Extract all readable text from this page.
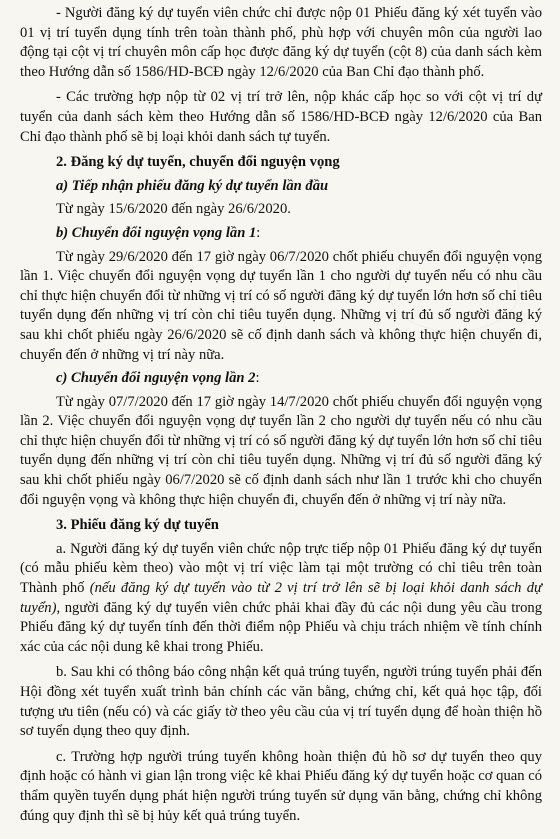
- Người đăng ký dự tuyển viên chức chỉ được nộp 01 Phiếu đăng ký xét tuyển vào 01 vị trí tuyển dụng tính trên toàn thành phố, phù hợp với chuyên môn của người lao động tại cột vị trí chuyên môn cấp học được đăng ký dự tuyển (cột 8) của danh sách kèm theo Hướng dẫn số 1586/HD-BCĐ ngày 12/6/2020 của Ban Chỉ đạo thành phố.

- Các trường hợp nộp từ 02 vị trí trở lên, nộp khác cấp học so với cột vị trí dự tuyển của danh sách kèm theo Hướng dẫn số 1586/HD-BCĐ ngày 12/6/2020 của Ban Chỉ đạo thành phố sẽ bị loại khỏi danh sách tự tuyển.

2. Đăng ký dự tuyển, chuyển đổi nguyện vọng
a) Tiếp nhận phiếu đăng ký dự tuyển lần đầu

Từ ngày 15/6/2020 đến ngày 26/6/2020.

b) Chuyển đổi nguyện vọng lần 1:

Từ ngày 29/6/2020 đến 17 giờ ngày 06/7/2020 chốt phiếu chuyển đổi nguyện vọng lần 1. Việc chuyển đổi nguyện vọng dự tuyển lần 1 cho người dự tuyển nếu có nhu cầu chỉ thực hiện chuyển đổi từ những vị trí có số người đăng ký dự tuyển lớn hơn số chỉ tiêu tuyển dụng đến những vị trí còn chỉ tiêu tuyển dụng. Những vị trí đủ số người đăng ký sau khi chốt phiếu ngày 26/6/2020 sẽ cố định danh sách và không thực hiện chuyển đi, chuyển đến ở những vị trí này nữa.

c) Chuyển đổi nguyện vọng lần 2:

Từ ngày 07/7/2020 đến 17 giờ ngày 14/7/2020 chốt phiếu chuyển đổi nguyện vọng lần 2. Việc chuyển đổi nguyện vọng dự tuyển lần 2 cho người dự tuyển nếu có nhu cầu chỉ thực hiện chuyển đổi từ những vị trí có số người đăng ký dự tuyển lớn hơn số chỉ tiêu tuyển dụng đến những vị trí còn chỉ tiêu tuyển dụng. Những vị trí đủ số người đăng ký sau khi chốt phiếu ngày 06/7/2020 sẽ cố định danh sách như lần 1 trước khi cho chuyển đổi nguyện vọng và không thực hiện chuyển đi, chuyển đến ở những vị trí này nữa.

3. Phiếu đăng ký dự tuyển

a. Người đăng ký dự tuyển viên chức nộp trực tiếp nộp 01 Phiếu đăng ký dự tuyển (có mẫu phiếu kèm theo) vào một vị trí việc làm tại một trường có chỉ tiêu trên toàn Thành phố (nếu đăng ký dự tuyển vào từ 2 vị trí trở lên sẽ bị loại khỏi danh sách dự tuyển), người đăng ký dự tuyển viên chức phải khai đầy đủ các nội dung yêu cầu trong Phiếu đăng ký dự tuyển tính đến thời điểm nộp Phiếu và chịu trách nhiệm về tính chính xác của các nội dung kê khai trong Phiếu.

b. Sau khi có thông báo công nhận kết quả trúng tuyển, người trúng tuyển phải đến Hội đồng xét tuyển xuất trình bản chính các văn bằng, chứng chỉ, kết quả học tập, đối tượng ưu tiên (nếu có) và các giấy tờ theo yêu cầu của vị trí tuyển dụng để hoàn thiện hồ sơ tuyển dụng theo quy định.

c. Trường hợp người trúng tuyển không hoàn thiện đủ hồ sơ dự tuyển theo quy định hoặc có hành vi gian lận trong việc kê khai Phiếu đăng ký dự tuyển hoặc cơ quan có thẩm quyền tuyển dụng phát hiện người trúng tuyển sử dụng văn bằng, chứng chỉ không đúng quy định thì sẽ bị hủy kết quả trúng tuyển.
